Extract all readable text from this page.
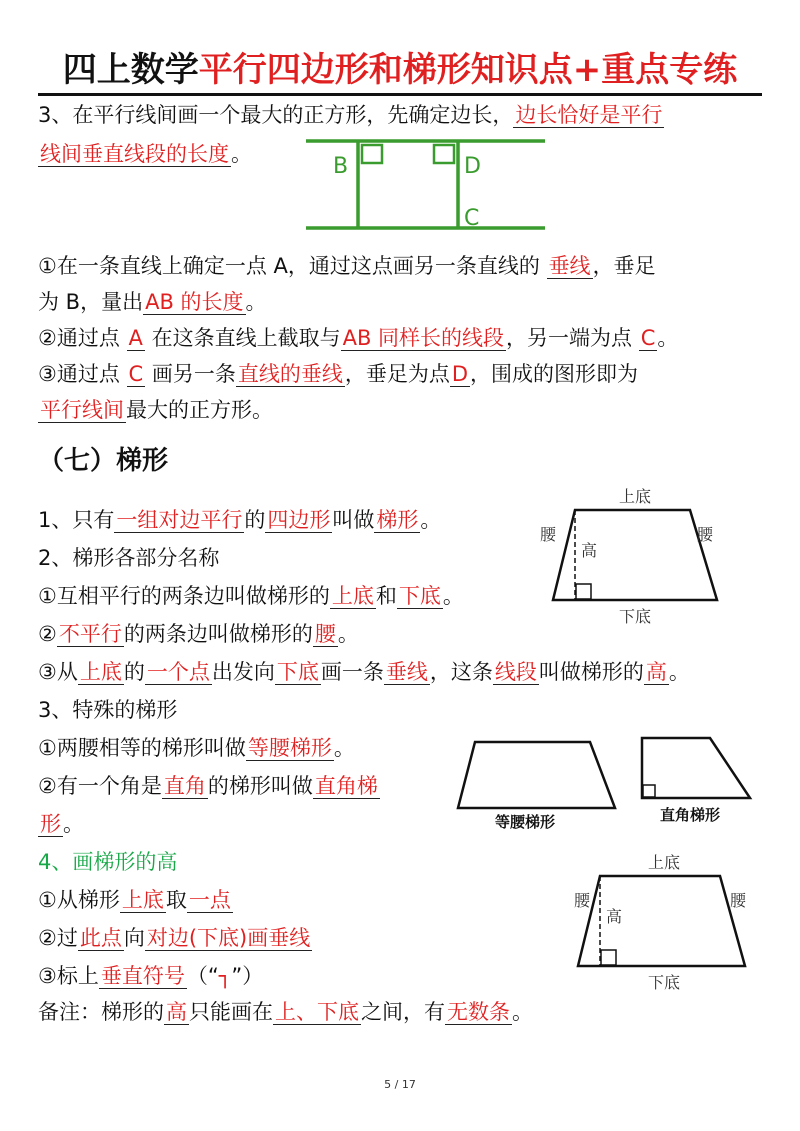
四上数学平行四边形和梯形知识点+重点专练
3、在平行线间画一个最大的正方形，先确定边长，边长恰好是平行
线间垂直线段的长度。	B	D
C
①在一条直线上确定一点 A，通过这点画另一条直线的 垂线，垂足
为 B，量出AB 的长度。
②通过点 A 在这条直线上截取与AB 同样长的线段，另一端为点 C。
③通过点 C 画另一条直线的垂线，垂足为点D，围成的图形即为
平行线间最大的正方形。
（七）梯形
上底
下底
腰	腰
高
1、只有一组对边平行的四边形叫做梯形。
2、梯形各部分名称
①互相平行的两条边叫做梯形的上底和下底。
②不平行的两条边叫做梯形的腰。
③从上底的一个点出发向下底画一条垂线，这条线段叫做梯形的高。
3、特殊的梯形
①两腰相等的梯形叫做等腰梯形。
②有一个角是直角的梯形叫做直角梯
形。	等腰梯形	直角梯形
4、画梯形的高
①从梯形上底取一点
②过此点向对边(下底)画垂线
③标上垂直符号（“┐”）
备注：梯形的高只能画在上、下底之间，有无数条。
上底
下底
腰	腰
高
5 / 17
